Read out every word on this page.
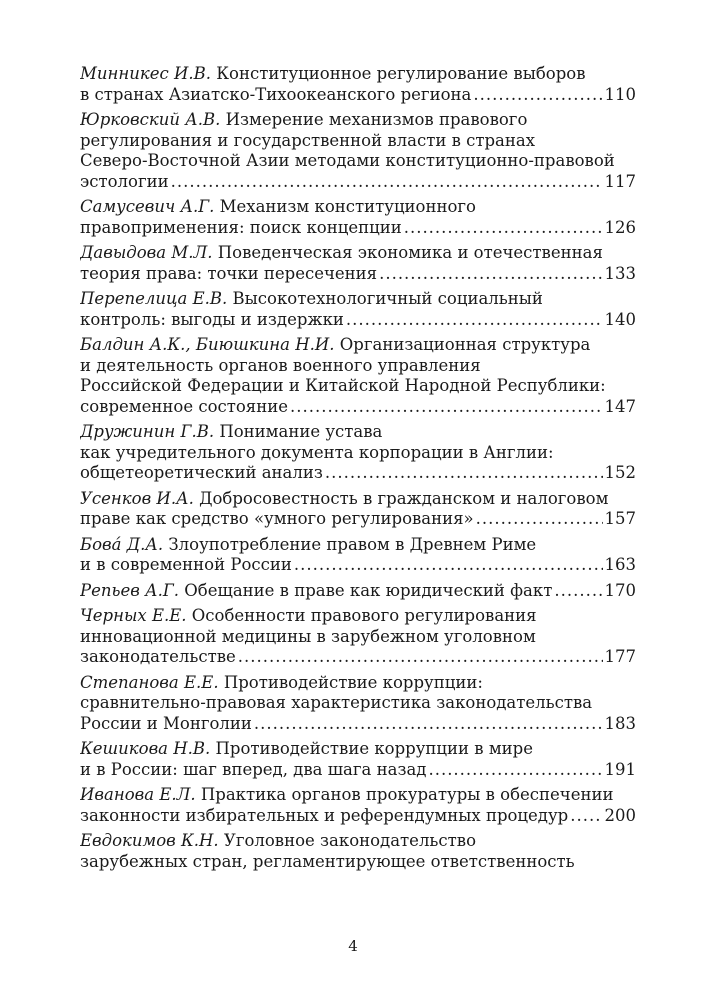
Минникес И.В. Конституционное регулирование выборов
в странах Азиатско-Тихоокеанского региона .....	110
Юрковский А.В. Измерение механизмов правового
регулирования и государственной власти в странах
Северо-Восточной Азии методами конституционно-правовой
эстологии .....	117
Самусевич А.Г. Механизм конституционного
правоприменения: поиск концепции .....	126
Давыдова М.Л. Поведенческая экономика и отечественная
теория права: точки пересечения .....	133
Перепелица Е.В. Высокотехнологичный социальный
контроль: выгоды и издержки .....	140
Балдин А.К., Биюшкина Н.И. Организационная структура
и деятельность органов военного управления
Российской Федерации и Китайской Народной Республики:
современное состояние .....	147
Дружинин Г.В. Понимание устава
как учредительного документа корпорации в Англии:
общетеоретический анализ .....	152
Усенков И.А. Добросовестность в гражданском и налоговом
праве как средство «умного регулирования» .....	157
Бова́ Д.А. Злоупотребление правом в Древнем Риме
и в современной России .....	163
Репьев А.Г. Обещание в праве как юридический факт .....	170
Черных Е.Е. Особенности правового регулирования
инновационной медицины в зарубежном уголовном
законодательстве .....	177
Степанова Е.Е. Противодействие коррупции:
сравнительно-правовая характеристика законодательства
России и Монголии .....	183
Кешикова Н.В. Противодействие коррупции в мире
и в России: шаг вперед, два шага назад .....	191
Иванова Е.Л. Практика органов прокуратуры в обеспечении
законности избирательных и референдумных процедур ..... 200
Евдокимов К.Н. Уголовное законодательство
зарубежных стран, регламентирующее ответственность
4
